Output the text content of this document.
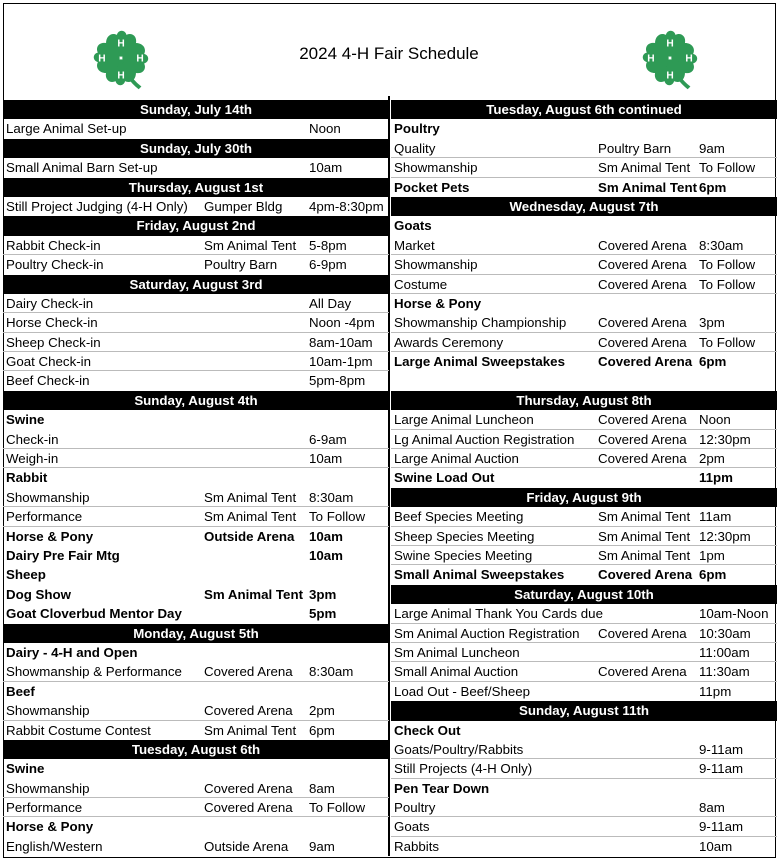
H
H
H
H
2024 4-H Fair Schedule
H
H
H
H
Sunday, July 14th
Large Animal Set-up	Noon
Sunday, July 30th
Small Animal Barn Set-up	10am
Thursday, August 1st
Still Project Judging (4-H Only) Gumper Bldg 4pm-8:30pm
Friday, August 2nd
Rabbit Check-in	Sm Animal Tent 5-8pm
Poultry Check-in	Poultry Barn 6-9pm
Saturday, August 3rd
Dairy Check-in	All Day
Horse Check-in	Noon -4pm
Sheep Check-in	8am-10am
Goat Check-in	10am-1pm
Beef Check-in	5pm-8pm
Sunday, August 4th
Swine
Check-in	6-9am
Weigh-in	10am
Rabbit
Showmanship	Sm Animal Tent 8:30am
Performance	Sm Animal Tent To Follow
Horse & Pony	Outside Arena 10am
Dairy Pre Fair Mtg	10am
Sheep
Dog Show	Sm Animal Tent 3pm
Goat Cloverbud Mentor Day	5pm
Monday, August 5th
Dairy - 4-H and Open
Showmanship & Performance Covered Arena 8:30am
Beef
Showmanship	Covered Arena 2pm
Rabbit Costume Contest	Sm Animal Tent 6pm
Tuesday, August 6th
Swine
Showmanship	Covered Arena 8am
Performance	Covered Arena To Follow
Horse & Pony
English/Western	Outside Arena 9am
Tuesday, August 6th continued
Poultry
Quality	Poultry Barn 9am
Showmanship	Sm Animal Tent To Follow
Pocket Pets	Sm Animal Tent 6pm
Wednesday, August 7th
Goats
Market	Covered Arena 8:30am
Showmanship	Covered Arena To Follow
Costume	Covered Arena To Follow
Horse & Pony
Showmanship Championship Covered Arena 3pm
Awards Ceremony	Covered Arena To Follow
Large Animal Sweepstakes Covered Arena 6pm
Thursday, August 8th
Large Animal Luncheon	Covered Arena Noon
Lg Animal Auction Registration Covered Arena 12:30pm
Large Animal Auction	Covered Arena 2pm
Swine Load Out	11pm
Friday, August 9th
Beef Species Meeting	Sm Animal Tent 11am
Sheep Species Meeting	Sm Animal Tent 12:30pm
Swine Species Meeting	Sm Animal Tent 1pm
Small Animal Sweepstakes	Covered Arena 6pm
Saturday, August 10th
Large Animal Thank You Cards due	10am-Noon
Sm Animal Auction Registration Covered Arena 10:30am
Sm Animal Luncheon	11:00am
Small Animal Auction	Covered Arena 11:30am
Load Out - Beef/Sheep	11pm
Sunday, August 11th
Check Out
Goats/Poultry/Rabbits	9-11am
Still Projects (4-H Only)	9-11am
Pen Tear Down
Poultry	8am
Goats	9-11am
Rabbits	10am
